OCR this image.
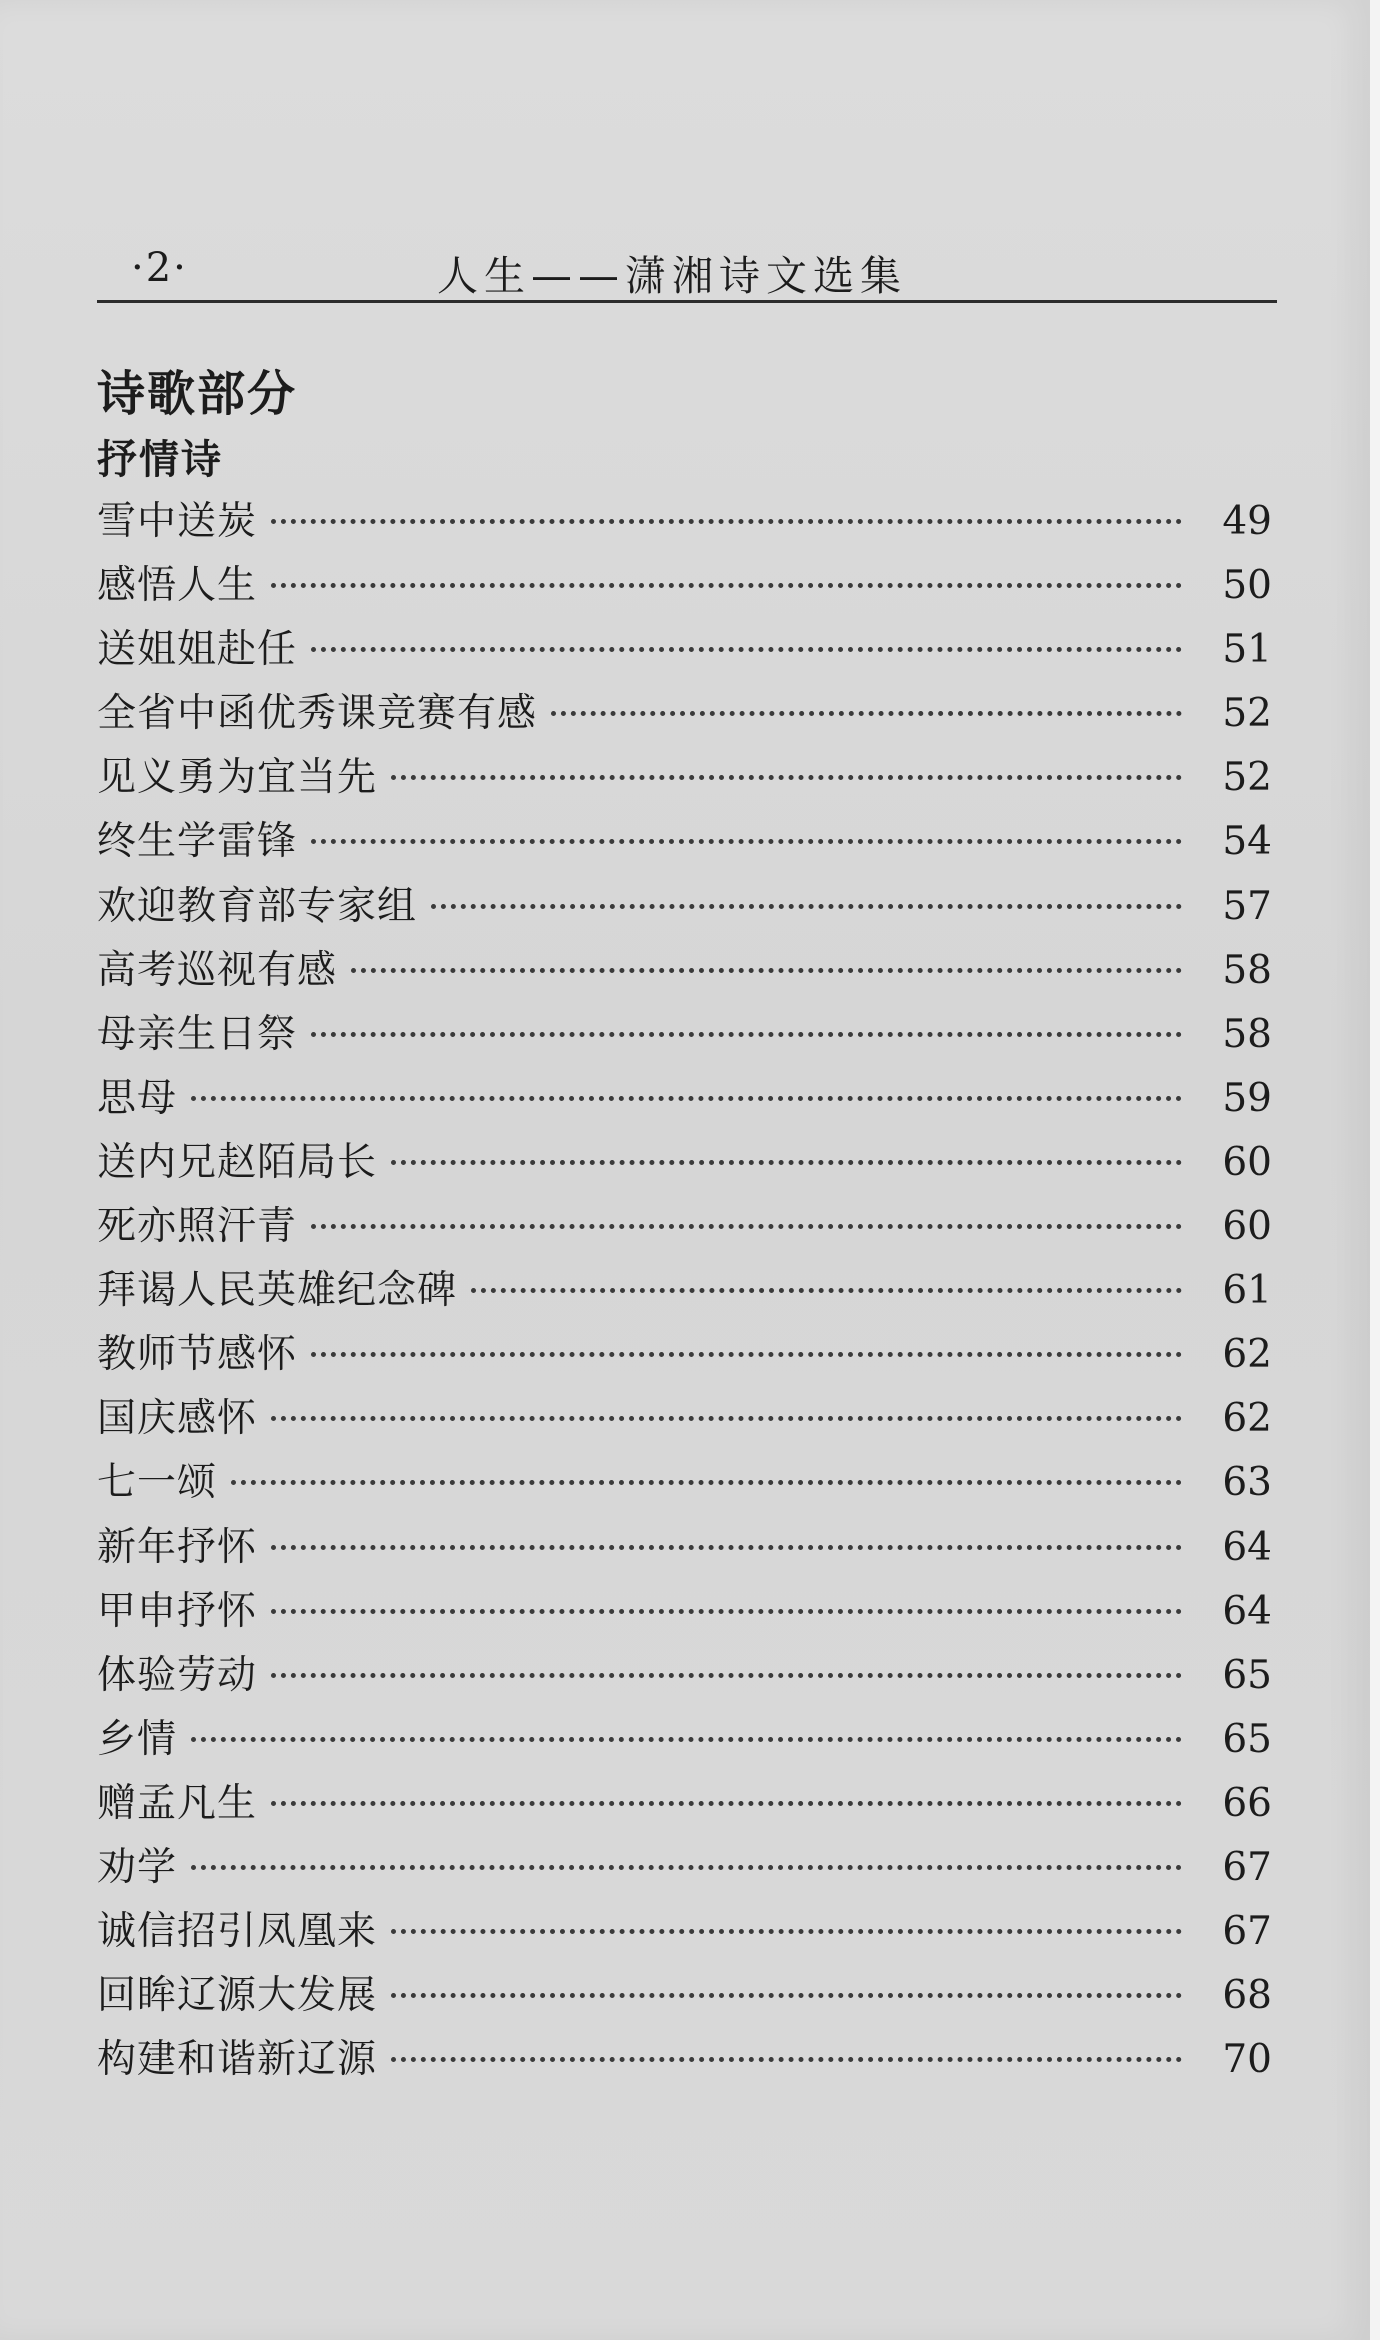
·2·	人生——潇湘诗文选集
诗歌部分
抒情诗
雪中送炭	49
感悟人生	50
送姐姐赴任	51
全省中函优秀课竞赛有感	52
见义勇为宜当先	52
终生学雷锋	54
欢迎教育部专家组	57
高考巡视有感	58
母亲生日祭	58
思母	59
送内兄赵陌局长	60
死亦照汗青	60
拜谒人民英雄纪念碑	61
教师节感怀	62
国庆感怀	62
七一颂	63
新年抒怀	64
甲申抒怀	64
体验劳动	65
乡情	65
赠孟凡生	66
劝学	67
诚信招引凤凰来	67
回眸辽源大发展	68
构建和谐新辽源	70
